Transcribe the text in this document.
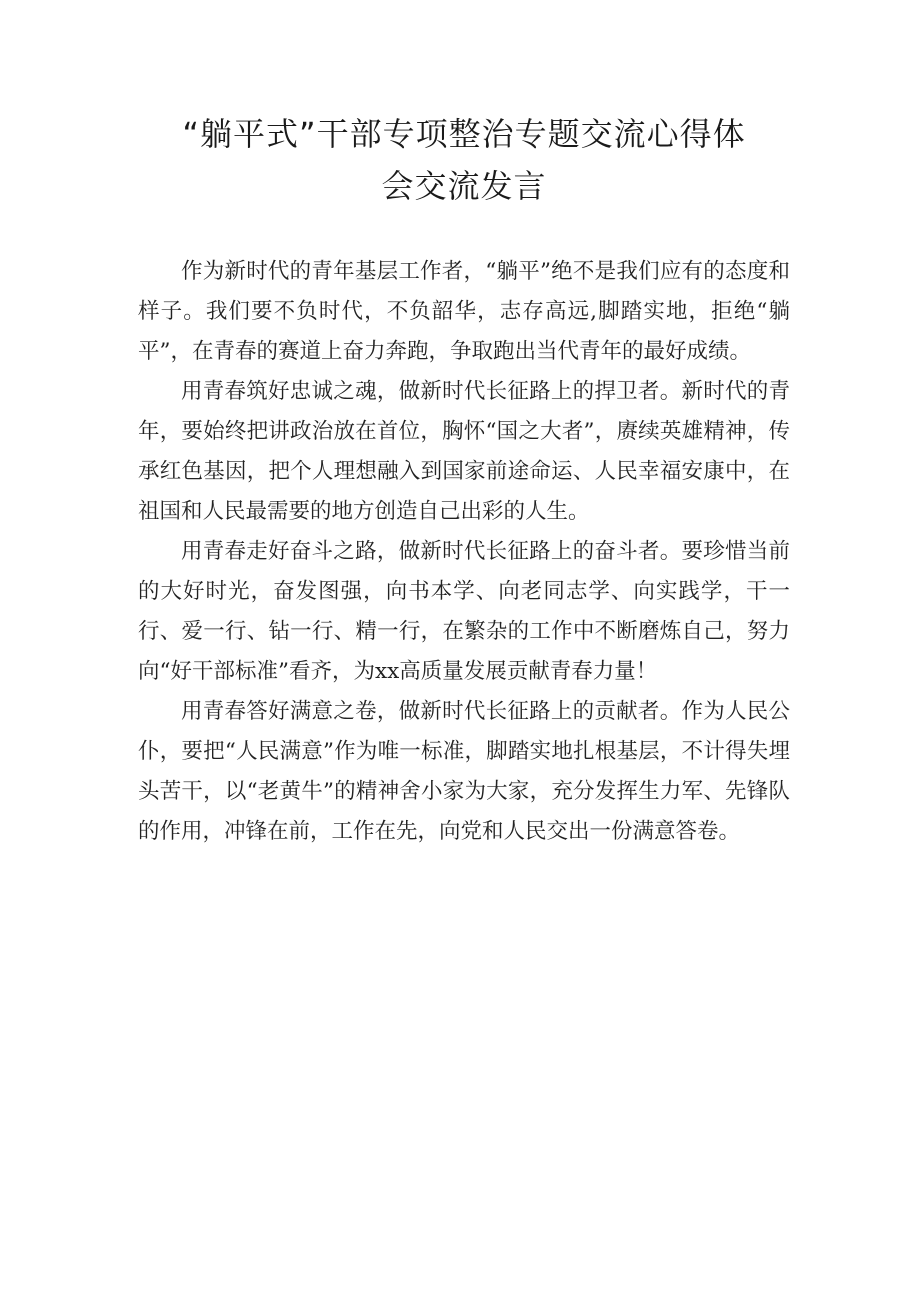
“躺平式”干部专项整治专题交流心得体
会交流发言

作为新时代的青年基层工作者，“躺平”绝不是我们应有的态度和样子。我们要不负时代，不负韶华，志存高远,脚踏实地，拒绝“躺平”，在青春的赛道上奋力奔跑，争取跑出当代青年的最好成绩。

用青春筑好忠诚之魂，做新时代长征路上的捍卫者。新时代的青年，要始终把讲政治放在首位，胸怀“国之大者”，赓续英雄精神，传承红色基因，把个人理想融入到国家前途命运、人民幸福安康中，在祖国和人民最需要的地方创造自己出彩的人生。

用青春走好奋斗之路，做新时代长征路上的奋斗者。要珍惜当前的大好时光，奋发图强，向书本学、向老同志学、向实践学，干一行、爱一行、钻一行、精一行，在繁杂的工作中不断磨炼自己，努力向“好干部标准”看齐，为xx高质量发展贡献青春力量！

用青春答好满意之卷，做新时代长征路上的贡献者。作为人民公仆，要把“人民满意”作为唯一标准，脚踏实地扎根基层，不计得失埋头苦干，以“老黄牛”的精神舍小家为大家，充分发挥生力军、先锋队的作用，冲锋在前，工作在先，向党和人民交出一份满意答卷。
